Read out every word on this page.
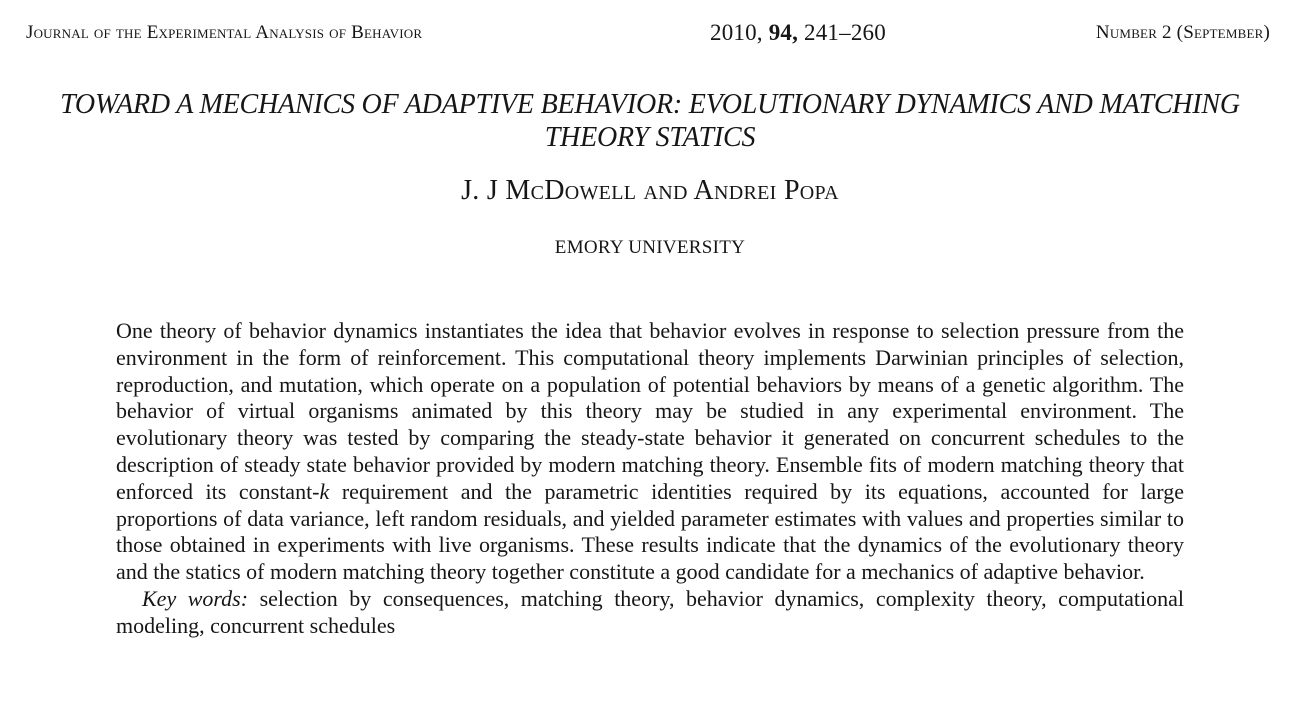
Journal of the Experimental Analysis of Behavior	2010, 94, 241–260	Number 2 (September)
TOWARD A MECHANICS OF ADAPTIVE BEHAVIOR: EVOLUTIONARY DYNAMICS AND MATCHING THEORY STATICS
J. J McDowell and Andrei Popa
EMORY UNIVERSITY

One theory of behavior dynamics instantiates the idea that behavior evolves in response to selection pressure from the environment in the form of reinforcement. This computational theory implements Darwinian principles of selection, reproduction, and mutation, which operate on a population of potential behaviors by means of a genetic algorithm. The behavior of virtual organisms animated by this theory may be studied in any experimental environment. The evolutionary theory was tested by comparing the steady-state behavior it generated on concurrent schedules to the description of steady state behavior provided by modern matching theory. Ensemble fits of modern matching theory that enforced its constant-k requirement and the parametric identities required by its equations, accounted for large proportions of data variance, left random residuals, and yielded parameter estimates with values and properties similar to those obtained in experiments with live organisms. These results indicate that the dynamics of the evolutionary theory and the statics of modern matching theory together constitute a good candidate for a mechanics of adaptive behavior.

Key words: selection by consequences, matching theory, behavior dynamics, complexity theory, computational modeling, concurrent schedules
